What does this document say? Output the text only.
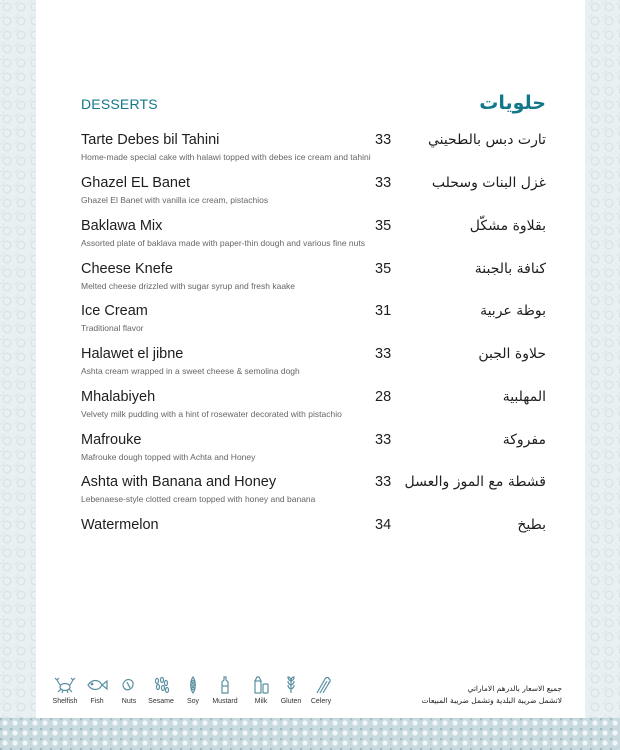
DESSERTS	حلويات
Tarte Debes bil Tahini
Home-made special cake with halawi topped with debes ice cream and tahini
33	تارت دبس بالطحيني
Ghazel EL Banet
Ghazel El Banet with vanilla ice cream, pistachios
33	غزل البنات وسحلب
Baklawa Mix
Assorted plate of baklava made with paper-thin dough and various fine nuts
35	بقلاوة مشكّل
Cheese Knefe
Melted cheese drizzled with sugar syrup and fresh kaake
35	كنافة بالجبنة
Ice Cream
Traditional flavor
31	بوظة عربية
Halawet el jibne
Ashta cream wrapped in a sweet cheese & semolina dogh
33	حلاوة الجبن
Mhalabiyeh
Velvety milk pudding with a hint of rosewater decorated with pistachio
28	المهلبية
Mafrouke
Mafrouke dough topped with Achta and Honey
33	مفروكة
Ashta with Banana and Honey
Lebenaese-style clotted cream topped with honey and banana
33 قشطة مع الموز والعسل
Watermelon	34	بطيخ
Shelfish	Fish	Nuts	Sesame	Soy	Mustard	Milk	Gluten	Celery
جميع الاسعار بالدرهم الاماراتي
لاتشمل ضريبة البلدية وتشمل ضريبة المبيعات
